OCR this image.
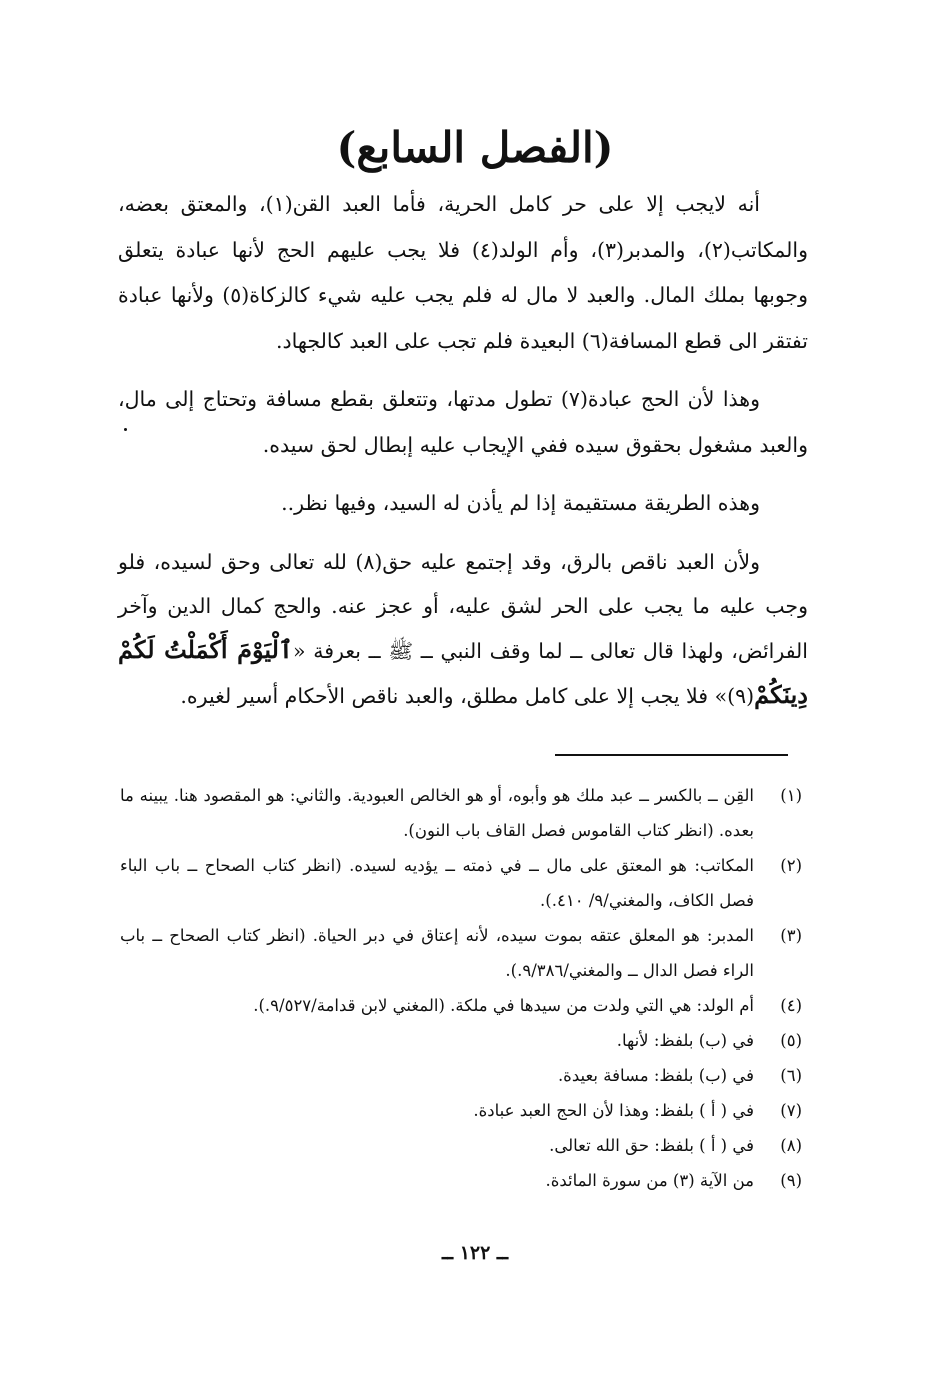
(الفصل السابع)

أنه لايجب إلا على حر كامل الحرية، فأما العبد القن(١)، والمعتق بعضه، والمكاتب(٢)، والمدبر(٣)، وأم الولد(٤) فلا يجب عليهم الحج لأنها عبادة يتعلق وجوبها بملك المال. والعبد لا مال له فلم يجب عليه شيء كالزكاة(٥) ولأنها عبادة تفتقر الى قطع المسافة(٦) البعيدة فلم تجب على العبد كالجهاد.

وهذا لأن الحج عبادة(٧) تطول مدتها، وتتعلق بقطع مسافة وتحتاج إلى مال، والعبد مشغول بحقوق سيده ففي الإيجاب عليه إبطال لحق سيده.

وهذه الطريقة مستقيمة إذا لم يأذن له السيد، وفيها نظر..

ولأن العبد ناقص بالرق، وقد إجتمع عليه حق(٨) لله تعالى وحق لسيده، فلو وجب عليه ما يجب على الحر لشق عليه، أو عجز عنه. والحج كمال الدين وآخر الفرائض، ولهذا قال تعالى ــ لما وقف النبي ــ ﷺ ــ بعرفة «ٱلْيَوْمَ أَكْمَلْتُ لَكُمْ دِينَكُمْ(٩)» فلا يجب إلا على كامل مطلق، والعبد ناقص الأحكام أسير لغيره.

(١)
القِن ــ بالكسر ــ عبد ملك هو وأبوه، أو هو الخالص العبودية. والثاني: هو المقصود هنا. يبينه ما بعده. (انظر كتاب القاموس فصل القاف باب النون).
(٢)
المكاتب: هو المعتق على مال ــ في ذمته ــ يؤديه لسيده. (انظر كتاب الصحاح ــ باب الباء فصل الكاف، والمغني/٩/ ٤١٠.).
(٣)
المدبر: هو المعلق عتقه بموت سيده، لأنه إعتاق في دبر الحياة. (انظر كتاب الصحاح ــ باب الراء فصل الدال ــ والمغني/٩/٣٨٦.).
(٤)
أم الولد: هي التي ولدت من سيدها في ملكة. (المغني لابن قدامة/٩/٥٢٧.).
(٥)
في (ب) بلفظ: لأنها.
(٦)
في (ب) بلفظ: مسافة بعيدة.
(٧)
في ( أ ) بلفظ: وهذا لأن الحج العبد عبادة.
(٨)
في ( أ ) بلفظ: حق الله تعالى.
(٩)
من الآية (٣) من سورة المائدة.
ــ ١٢٢ ــ
